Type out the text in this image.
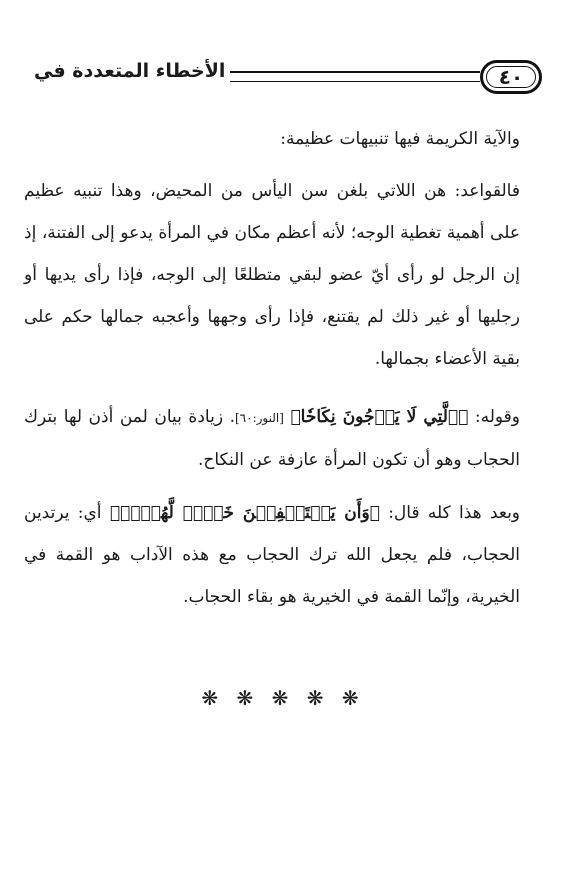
٤٠
الأخطاء المتعددة في

والآية الكريمة فيها تنبيهات عظيمة:

فالقواعد: هن اللاتي بلغن سن اليأس من المحيض، وهذا تنبيه عظيم على أهمية تغطية الوجه؛ لأنه أعظم مكان في المرأة يدعو إلى الفتنة، إذ إن الرجل لو رأى أيّ عضو لبقي متطلعًا إلى الوجه، فإذا رأى يديها أو رجليها أو غير ذلك لم يقتنع، فإذا رأى وجهها وأعجبه جمالها حكم على بقية الأعضاء بجمالها.

وقوله: ﴿ٱلَّتِي لَا يَرۡجُونَ نِكَاحٗا﴾ [النور:٦٠]. زيادة بيان لمن أذن لها بترك الحجاب وهو أن تكون المرأة عازفة عن النكاح.

وبعد هذا كله قال: ﴿وَأَن يَسۡتَعۡفِفۡنَ خَيۡرٞ لَّهُنَّۗ﴾ أي: يرتدين الحجاب، فلم يجعل الله ترك الحجاب مع هذه الآداب هو القمة في الخيرية، وإنّما القمة في الخيرية هو بقاء الحجاب.

❋ ❋ ❋ ❋ ❋
